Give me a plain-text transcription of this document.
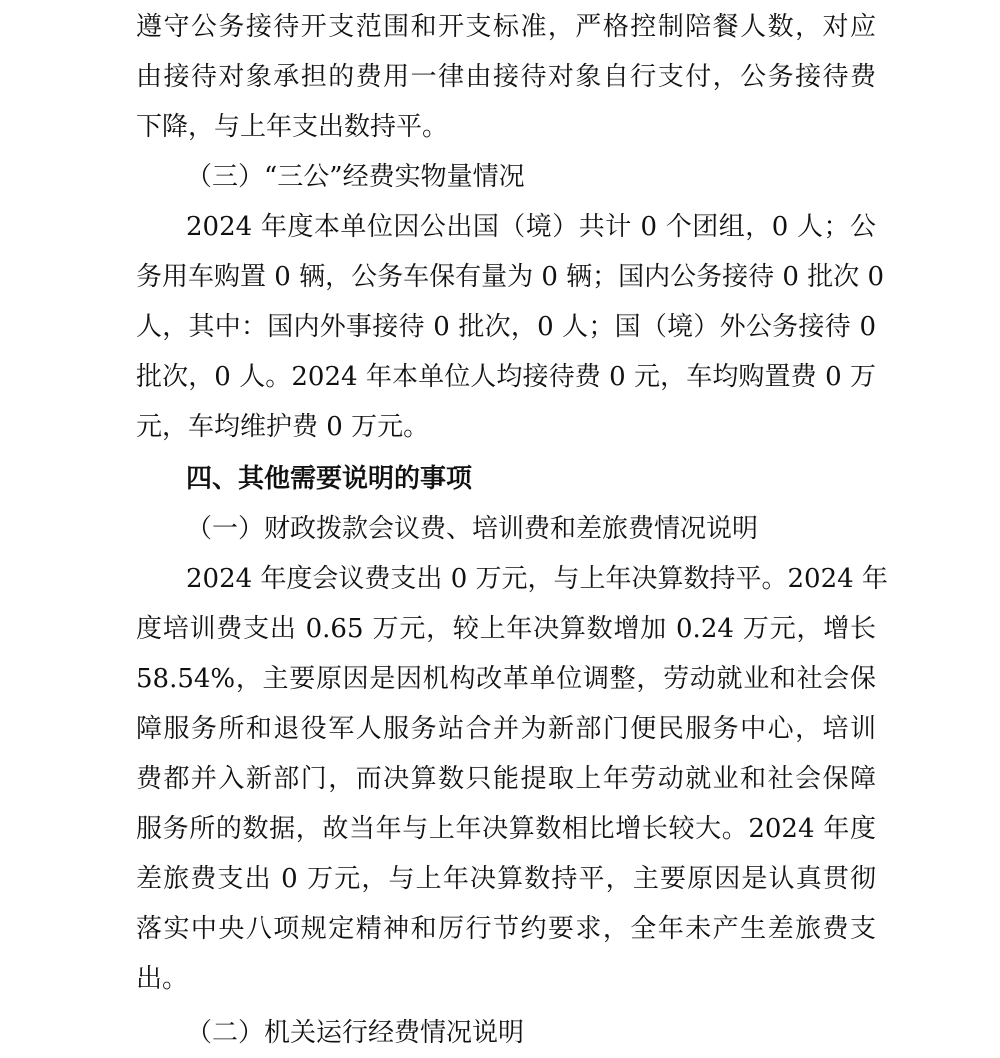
遵守公务接待开支范围和开支标准，严格控制陪餐人数，对应
由接待对象承担的费用一律由接待对象自行支付，公务接待费
下降，与上年支出数持平。
（三）“三公”经费实物量情况
2024 年度本单位因公出国（境）共计 0 个团组，0 人；公
务用车购置 0 辆，公务车保有量为 0 辆；国内公务接待 0 批次 0
人，其中：国内外事接待 0 批次，0 人；国（境）外公务接待 0
批次，0 人。2024 年本单位人均接待费 0 元，车均购置费 0 万
元，车均维护费 0 万元。
四、其他需要说明的事项
（一）财政拨款会议费、培训费和差旅费情况说明
2024 年度会议费支出 0 万元，与上年决算数持平。2024 年
度培训费支出 0.65 万元，较上年决算数增加 0.24 万元，增长
58.54%，主要原因是因机构改革单位调整，劳动就业和社会保
障服务所和退役军人服务站合并为新部门便民服务中心，培训
费都并入新部门，而决算数只能提取上年劳动就业和社会保障
服务所的数据，故当年与上年决算数相比增长较大。2024 年度
差旅费支出 0 万元，与上年决算数持平，主要原因是认真贯彻
落实中央八项规定精神和厉行节约要求，全年未产生差旅费支
出。
（二）机关运行经费情况说明
